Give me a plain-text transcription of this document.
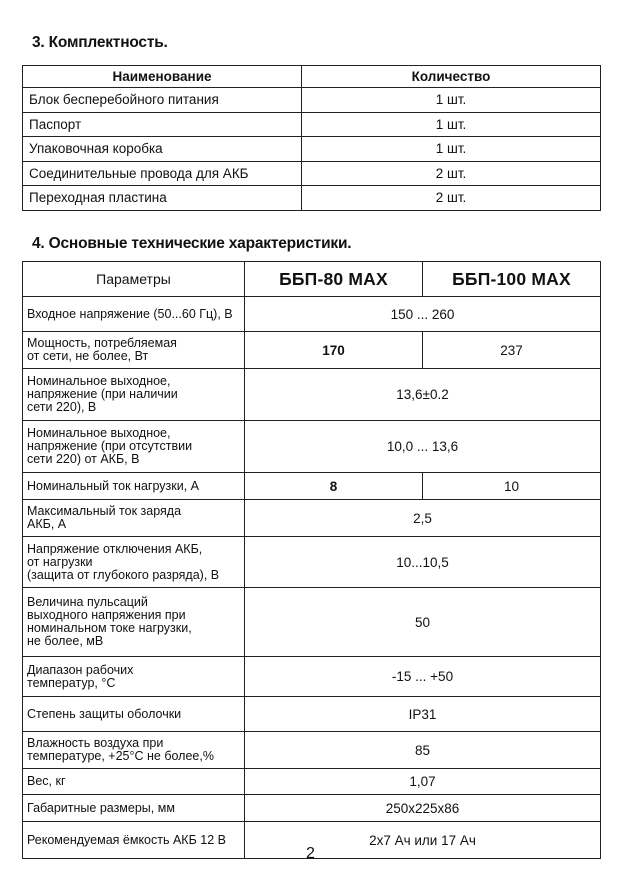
3. Комплектность.
Наименование	Количество
Блок бесперебойного питания	1 шт.
Паспорт	1 шт.
Упаковочная коробка	1 шт.
Соединительные провода для АКБ	2 шт.
Переходная пластина	2 шт.
4. Основные технические характеристики.
Параметры	ББП-80 MAX	ББП-100 MAX
Входное напряжение (50...60 Гц), В	150 ... 260	
Мощность, потребляемая
от сети, не более, Вт	170	237
Номинальное выходное,
напряжение (при наличии
сети 220), В	13,6±0.2	
Номинальное выходное,
напряжение (при отсутствии
сети 220) от АКБ, В	10,0 ... 13,6	
Номинальный ток нагрузки, А	8	10
Максимальный ток заряда
АКБ, А	2,5	
Напряжение отключения АКБ,
от нагрузки
(защита от глубокого разряда), В	10...10,5	
Величина пульсаций
выходного напряжения при
номинальном токе нагрузки,
не более, мВ	50	
Диапазон рабочих
температур, °С	-15 ... +50	
Степень защиты оболочки	IP31	
Влажность воздуха при
температуре, +25°С не более,%	85	
Вес, кг	1,07	
Габаритные размеры, мм	250х225х86	
Рекомендуемая ёмкость АКБ 12 В	2х7 Ач или 17 Ач	
2
